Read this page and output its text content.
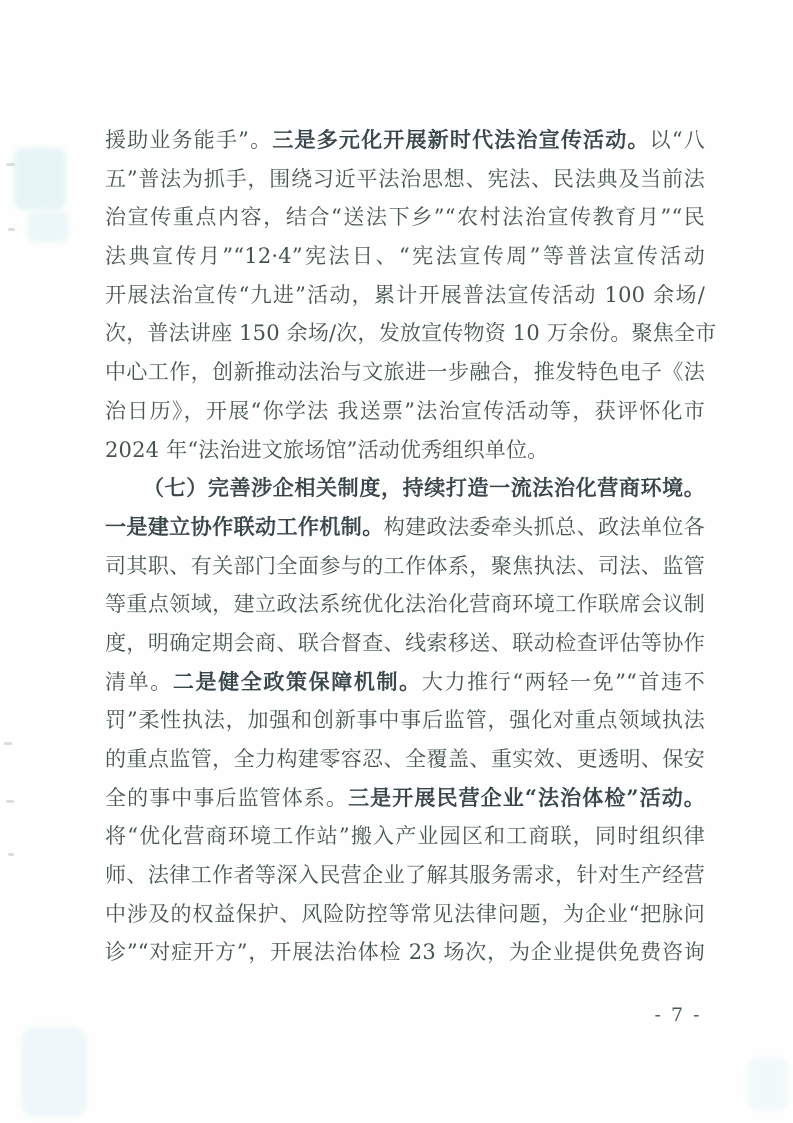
援助业务能手”。三是多元化开展新时代法治宣传活动。以“八
五”普法为抓手，围绕习近平法治思想、宪法、民法典及当前法
治宣传重点内容，结合“送法下乡”“农村法治宣传教育月”“民
法典宣传月”“12·4”宪法日、“宪法宣传周”等普法宣传活动
开展法治宣传“九进”活动，累计开展普法宣传活动 100 余场/
次，普法讲座 150 余场/次，发放宣传物资 10 万余份。聚焦全市
中心工作，创新推动法治与文旅进一步融合，推发特色电子《法
治日历》，开展“你学法 我送票”法治宣传活动等，获评怀化市
2024 年“法治进文旅场馆”活动优秀组织单位。
（七）完善涉企相关制度，持续打造一流法治化营商环境。
一是建立协作联动工作机制。构建政法委牵头抓总、政法单位各
司其职、有关部门全面参与的工作体系，聚焦执法、司法、监管
等重点领域，建立政法系统优化法治化营商环境工作联席会议制
度，明确定期会商、联合督查、线索移送、联动检查评估等协作
清单。二是健全政策保障机制。大力推行“两轻一免”“首违不
罚”柔性执法，加强和创新事中事后监管，强化对重点领域执法
的重点监管，全力构建零容忍、全覆盖、重实效、更透明、保安
全的事中事后监管体系。三是开展民营企业“法治体检”活动。
将“优化营商环境工作站”搬入产业园区和工商联，同时组织律
师、法律工作者等深入民营企业了解其服务需求，针对生产经营
中涉及的权益保护、风险防控等常见法律问题，为企业“把脉问
诊”“对症开方”，开展法治体检 23 场次，为企业提供免费咨询
- 7 -
